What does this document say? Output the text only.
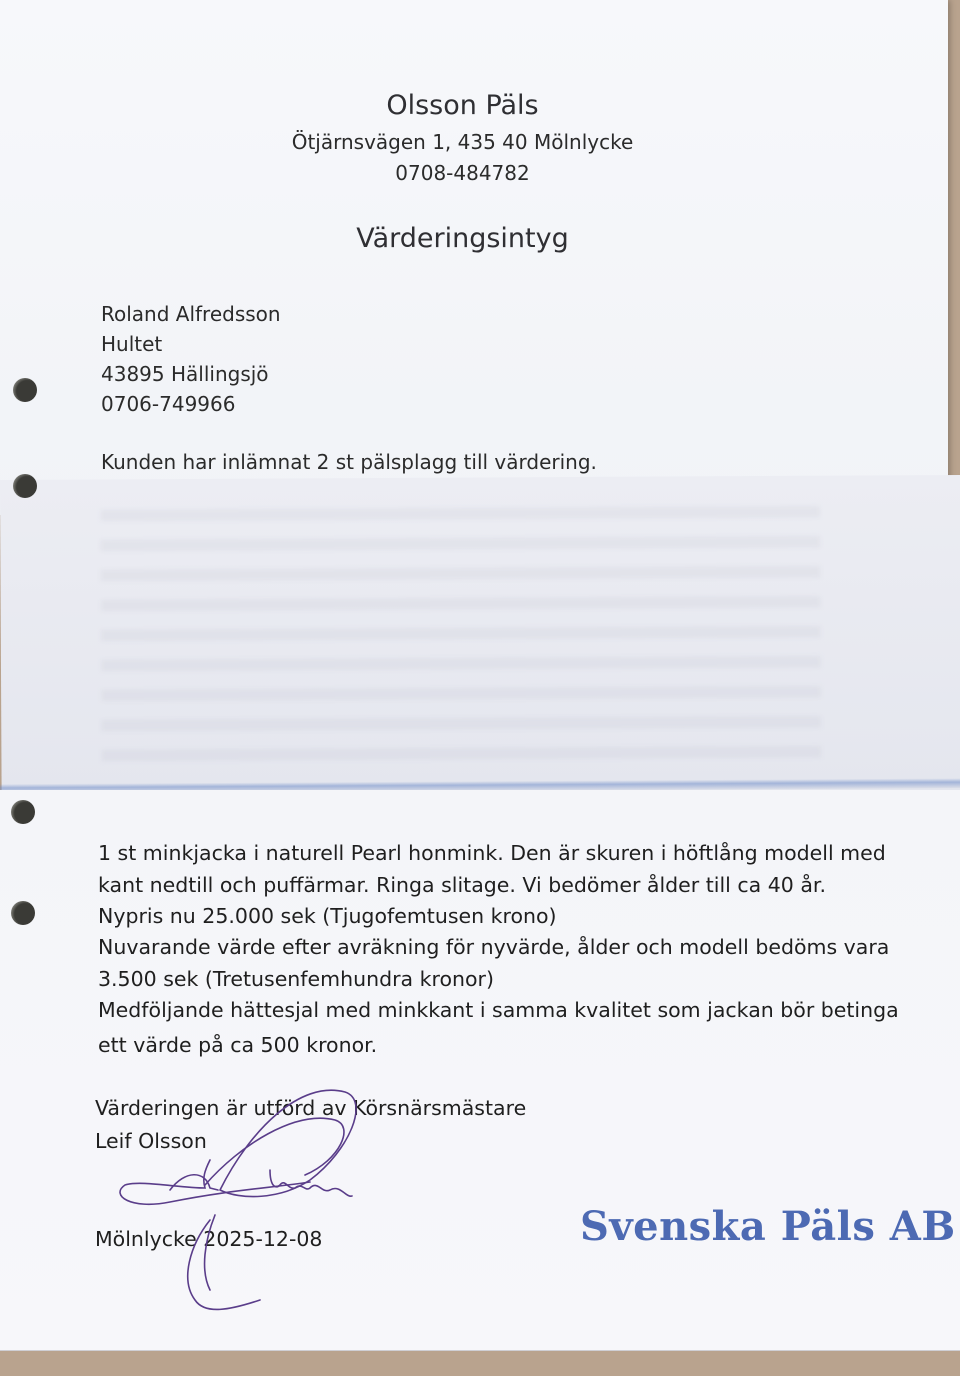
Olsson Päls
Ötjärnsvägen 1, 435 40 Mölnlycke
0708-484782
Värderingsintyg
Roland Alfredsson
Hultet
43895 Hällingsjö
0706-749966
Kunden har inlämnat 2 st pälsplagg till värdering.
1 st minkjacka i naturell Pearl honmink. Den är skuren i höftlång modell med
kant nedtill och puffärmar. Ringa slitage. Vi bedömer ålder till ca 40 år.
Nypris nu 25.000 sek (Tjugofemtusen krono)
Nuvarande värde efter avräkning för nyvärde, ålder och modell bedöms vara
3.500 sek (Tretusenfemhundra kronor)
Medföljande hättesjal med minkkant i samma kvalitet som jackan bör betinga
ett värde på ca 500 kronor.
Värderingen är utförd av Körsnärsmästare
Leif Olsson
Mölnlycke 2025-12-08	Svenska Päls AB
